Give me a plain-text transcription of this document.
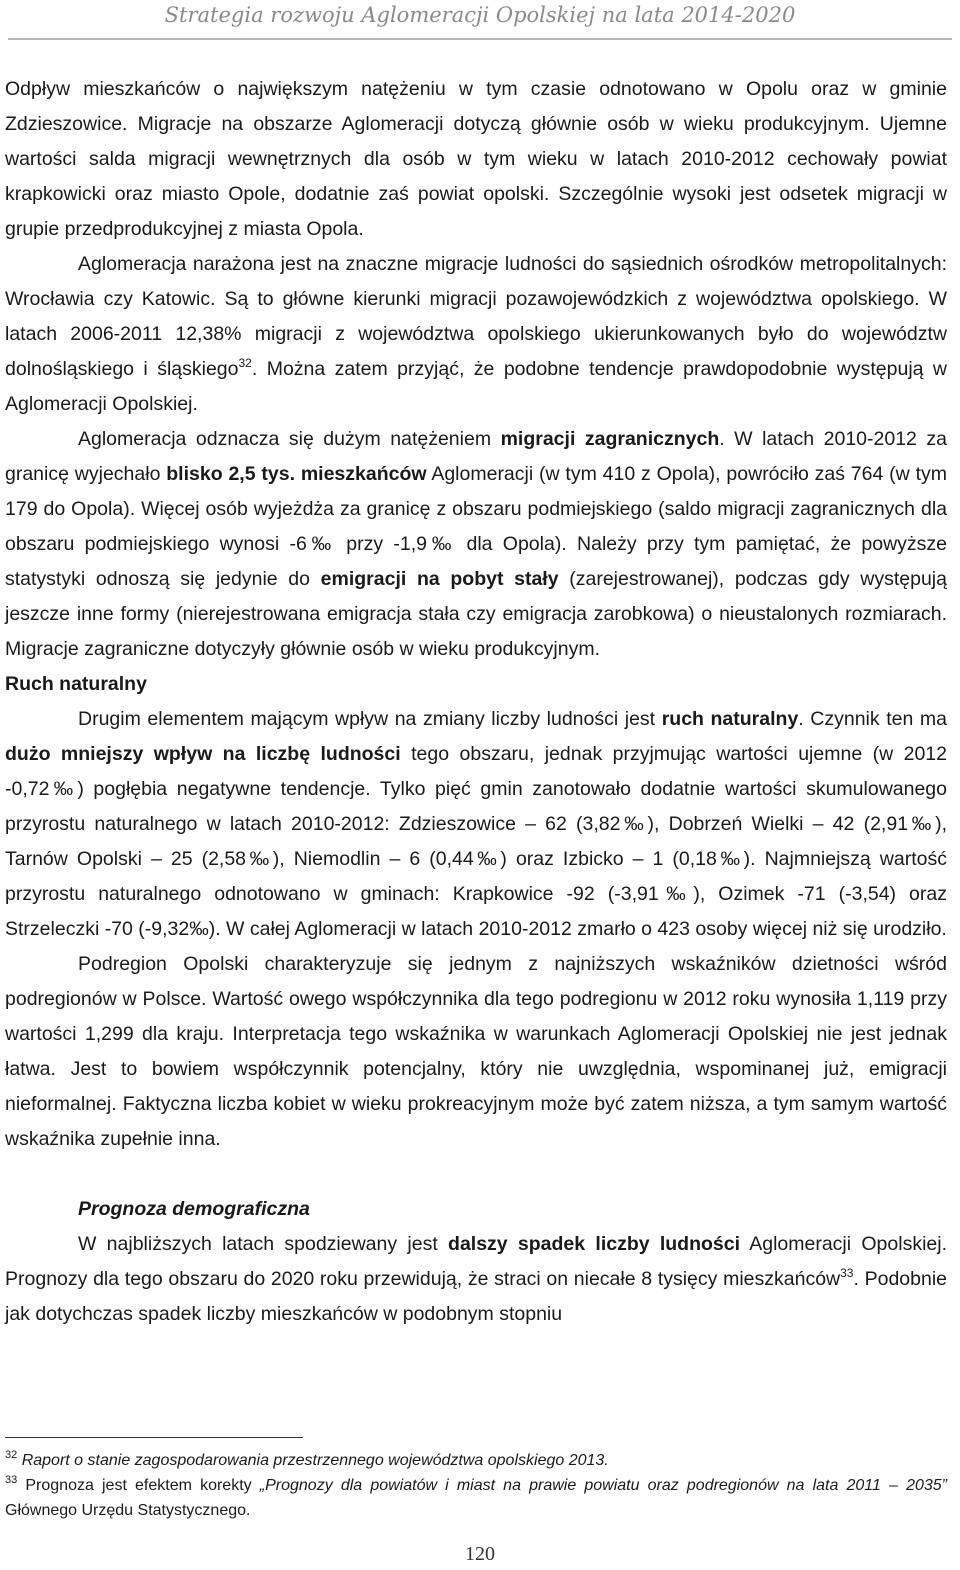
Strategia rozwoju Aglomeracji Opolskiej na lata 2014-2020

Odpływ mieszkańców o największym natężeniu w tym czasie odnotowano w Opolu oraz w gminie Zdzieszowice. Migracje na obszarze Aglomeracji dotyczą głównie osób w wieku produkcyjnym. Ujemne wartości salda migracji wewnętrznych dla osób w tym wieku w latach 2010-2012 cechowały powiat krapkowicki oraz miasto Opole, dodatnie zaś powiat opolski. Szczególnie wysoki jest odsetek migracji w grupie przedprodukcyjnej z miasta Opola.

Aglomeracja narażona jest na znaczne migracje ludności do sąsiednich ośrodków metropolitalnych: Wrocławia czy Katowic. Są to główne kierunki migracji pozawojewódzkich z województwa opolskiego. W latach 2006-2011 12,38% migracji z województwa opolskiego ukierunkowanych było do województw dolnośląskiego i śląskiego$^{32}$. Można zatem przyjąć, że podobne tendencje prawdopodobnie występują w Aglomeracji Opolskiej.

Aglomeracja odznacza się dużym natężeniem migracji zagranicznych. W latach 2010-2012 za granicę wyjechało blisko 2,5 tys. mieszkańców Aglomeracji (w tym 410 z Opola), powróciło zaś 764 (w tym 179 do Opola). Więcej osób wyjeżdża za granicę z obszaru podmiejskiego (saldo migracji zagranicznych dla obszaru podmiejskiego wynosi -6‰ przy -1,9‰ dla Opola). Należy przy tym pamiętać, że powyższe statystyki odnoszą się jedynie do emigracji na pobyt stały (zarejestrowanej), podczas gdy występują jeszcze inne formy (nierejestrowana emigracja stała czy emigracja zarobkowa) o nieustalonych rozmiarach. Migracje zagraniczne dotyczyły głównie osób w wieku produkcyjnym.

Ruch naturalny

Drugim elementem mającym wpływ na zmiany liczby ludności jest ruch naturalny. Czynnik ten ma dużo mniejszy wpływ na liczbę ludności tego obszaru, jednak przyjmując wartości ujemne (w 2012 -0,72‰) pogłębia negatywne tendencje. Tylko pięć gmin zanotowało dodatnie wartości skumulowanego przyrostu naturalnego w latach 2010-2012: Zdzieszowice – 62 (3,82‰), Dobrzeń Wielki – 42 (2,91‰), Tarnów Opolski – 25 (2,58‰), Niemodlin – 6 (0,44‰) oraz Izbicko – 1 (0,18‰). Najmniejszą wartość przyrostu naturalnego odnotowano w gminach: Krapkowice -92 (-3,91‰), Ozimek -71 (-3,54) oraz Strzeleczki -70 (-9,32‰). W całej Aglomeracji w latach 2010-2012 zmarło o 423 osoby więcej niż się urodziło.

Podregion Opolski charakteryzuje się jednym z najniższych wskaźników dzietności wśród podregionów w Polsce. Wartość owego współczynnika dla tego podregionu w 2012 roku wynosiła 1,119 przy wartości 1,299 dla kraju. Interpretacja tego wskaźnika w warunkach Aglomeracji Opolskiej nie jest jednak łatwa. Jest to bowiem współczynnik potencjalny, który nie uwzględnia, wspominanej już, emigracji nieformalnej. Faktyczna liczba kobiet w wieku prokreacyjnym może być zatem niższa, a tym samym wartość wskaźnika zupełnie inna.

Prognoza demograficzna

W najbliższych latach spodziewany jest dalszy spadek liczby ludności Aglomeracji Opolskiej. Prognozy dla tego obszaru do 2020 roku przewidują, że straci on niecałe 8 tysięcy mieszkańców$^{33}$. Podobnie jak dotychczas spadek liczby mieszkańców w podobnym stopniu

$^{32}$ Raport o stanie zagospodarowania przestrzennego województwa opolskiego 2013.

$^{33}$ Prognoza jest efektem korekty „Prognozy dla powiatów i miast na prawie powiatu oraz podregionów na lata 2011 – 2035” Głównego Urzędu Statystycznego.

120
